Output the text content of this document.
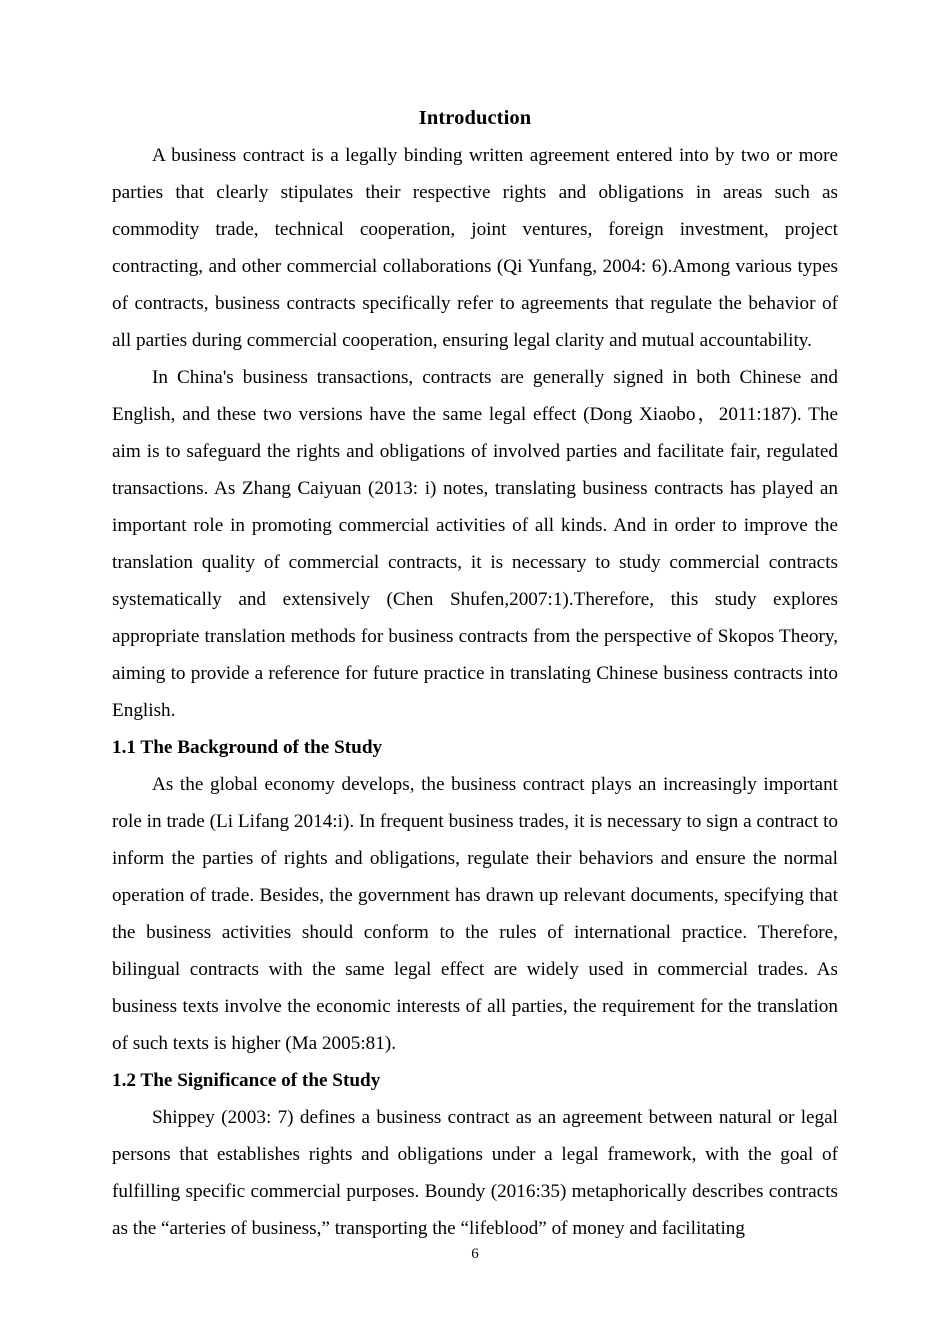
Introduction

A business contract is a legally binding written agreement entered into by two or more parties that clearly stipulates their respective rights and obligations in areas such as commodity trade, technical cooperation, joint ventures, foreign investment, project contracting, and other commercial collaborations (Qi Yunfang, 2004: 6).Among various types of contracts, business contracts specifically refer to agreements that regulate the behavior of all parties during commercial cooperation, ensuring legal clarity and mutual accountability.

In China's business transactions, contracts are generally signed in both Chinese and English, and these two versions have the same legal effect (Dong Xiaobo，2011:187). The aim is to safeguard the rights and obligations of involved parties and facilitate fair, regulated transactions. As Zhang Caiyuan (2013: i) notes, translating business contracts has played an important role in promoting commercial activities of all kinds. And in order to improve the translation quality of commercial contracts, it is necessary to study commercial contracts systematically and extensively (Chen Shufen,2007:1).Therefore, this study explores appropriate translation methods for business contracts from the perspective of Skopos Theory, aiming to provide a reference for future practice in translating Chinese business contracts into English.

1.1 The Background of the Study

As the global economy develops, the business contract plays an increasingly important role in trade (Li Lifang 2014:i). In frequent business trades, it is necessary to sign a contract to inform the parties of rights and obligations, regulate their behaviors and ensure the normal operation of trade. Besides, the government has drawn up relevant documents, specifying that the business activities should conform to the rules of international practice. Therefore, bilingual contracts with the same legal effect are widely used in commercial trades. As business texts involve the economic interests of all parties, the requirement for the translation of such texts is higher (Ma 2005:81).

1.2 The Significance of the Study

Shippey (2003: 7) defines a business contract as an agreement between natural or legal persons that establishes rights and obligations under a legal framework, with the goal of fulfilling specific commercial purposes. Boundy (2016:35) metaphorically describes contracts as the “arteries of business,” transporting the “lifeblood” of money and facilitating

6
